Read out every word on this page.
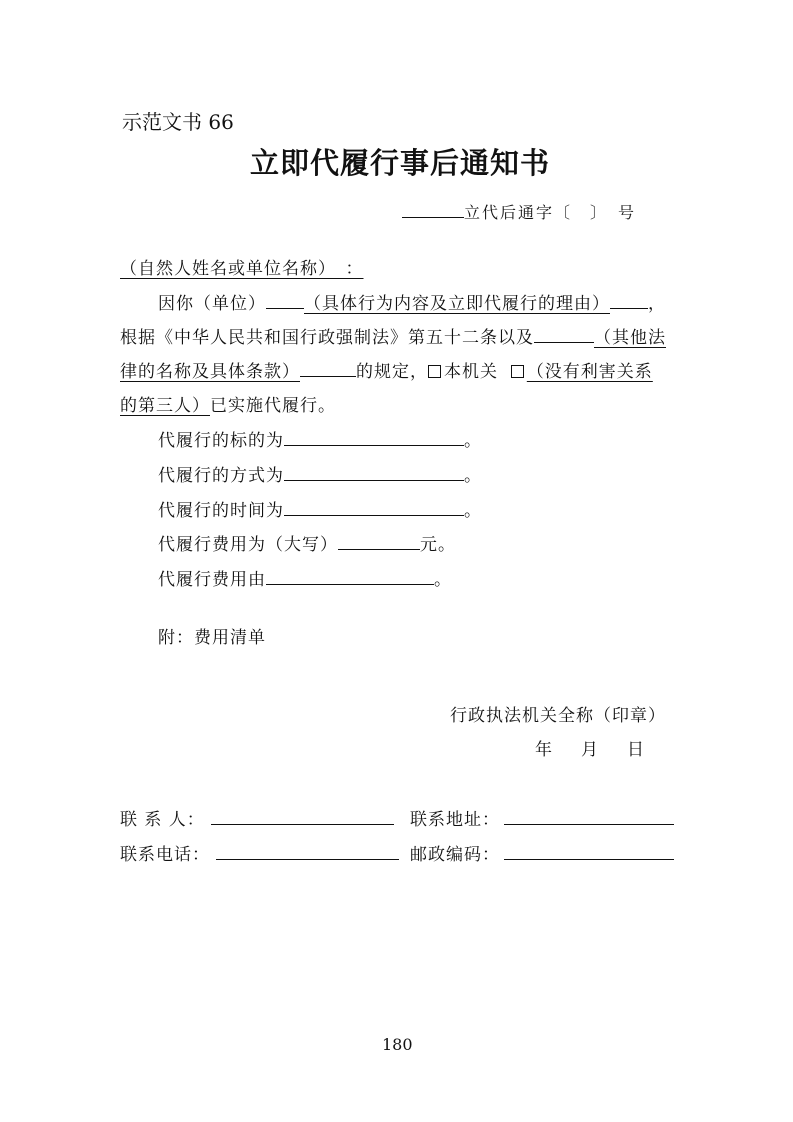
示范文书 66
立即代履行事后通知书
立代后通字〔　〕　号
（自然人姓名或单位名称）　：
因你（单位） （具体行为内容及立即代履行的理由） ，
根据《中华人民共和国行政强制法》第五十二条以及	（其他法
律的名称及具体条款）	的规定， 本机关 （没有利害关系
的第三人）已实施代履行。
代履行的标的为	。
代履行的方式为	。
代履行的时间为	。
代履行费用为（大写）	元。
代履行费用由	。
附：费用清单
行政执法机关全称（印章）
年　月　日
联 系 人：	联系地址：
联系电话：	邮政编码：
180
